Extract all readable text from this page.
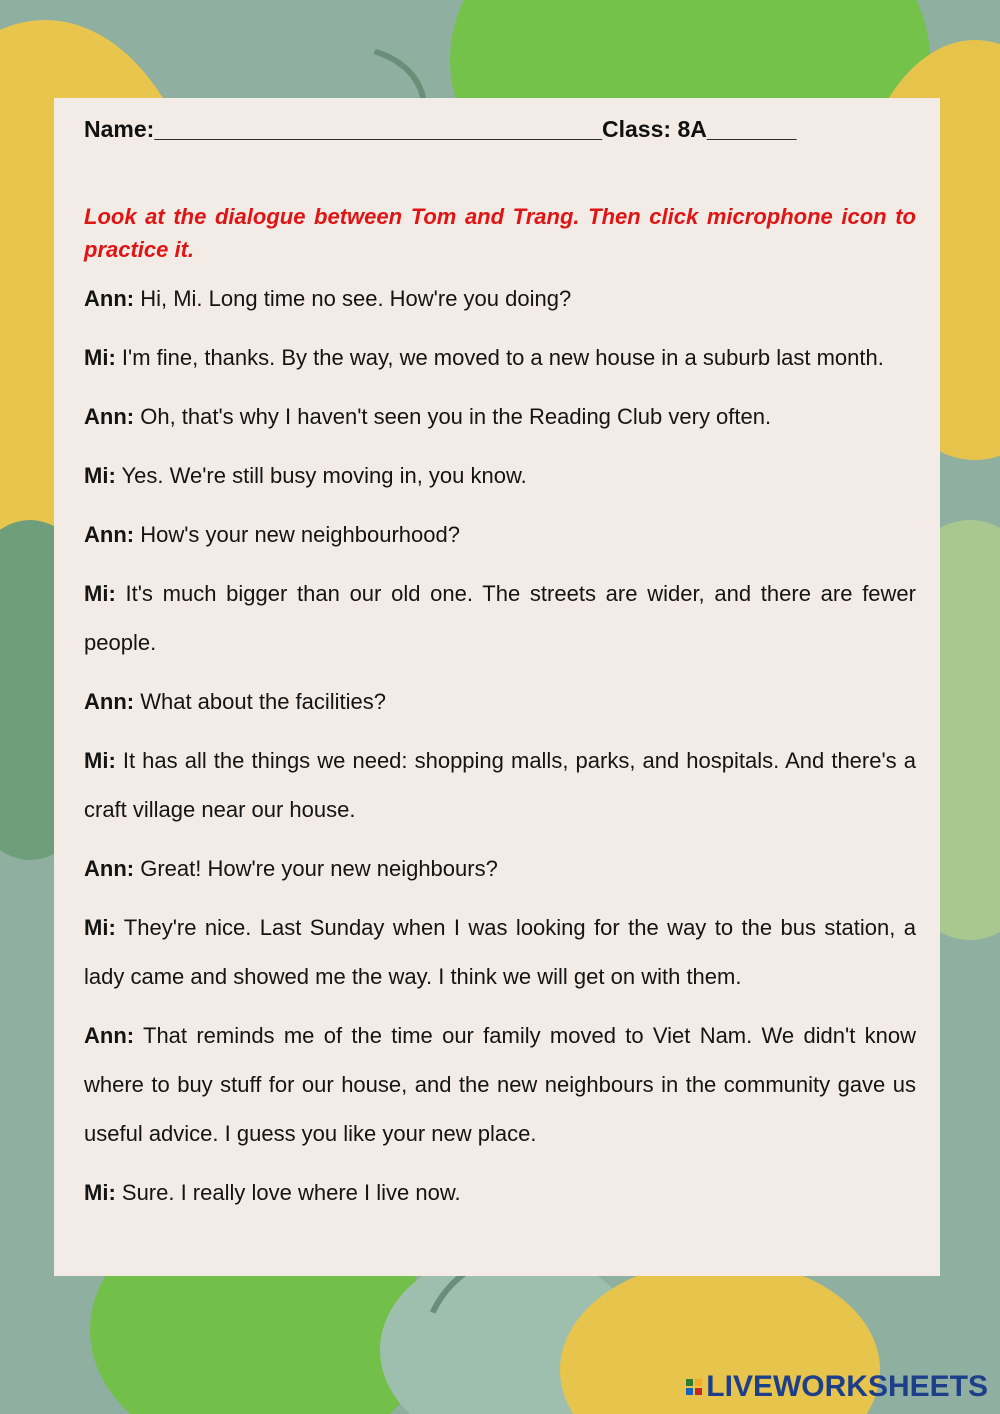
Name:___________________________________Class: 8A_______
Look at the dialogue between Tom and Trang. Then click microphone icon to practice it.

Ann: Hi, Mi. Long time no see. How're you doing?

Mi: I'm fine, thanks. By the way, we moved to a new house in a suburb last month.

Ann: Oh, that's why I haven't seen you in the Reading Club very often.

Mi: Yes. We're still busy moving in, you know.

Ann: How's your new neighbourhood?

Mi: It's much bigger than our old one. The streets are wider, and there are fewer people.

Ann: What about the facilities?

Mi: It has all the things we need: shopping malls, parks, and hospitals. And there's a craft village near our house.

Ann: Great! How're your new neighbours?

Mi: They're nice. Last Sunday when I was looking for the way to the bus station, a lady came and showed me the way. I think we will get on with them.

Ann: That reminds me of the time our family moved to Viet Nam. We didn't know where to buy stuff for our house, and the new neighbours in the community gave us useful advice. I guess you like your new place.

Mi: Sure. I really love where I live now.

LIVEWORKSHEETS
